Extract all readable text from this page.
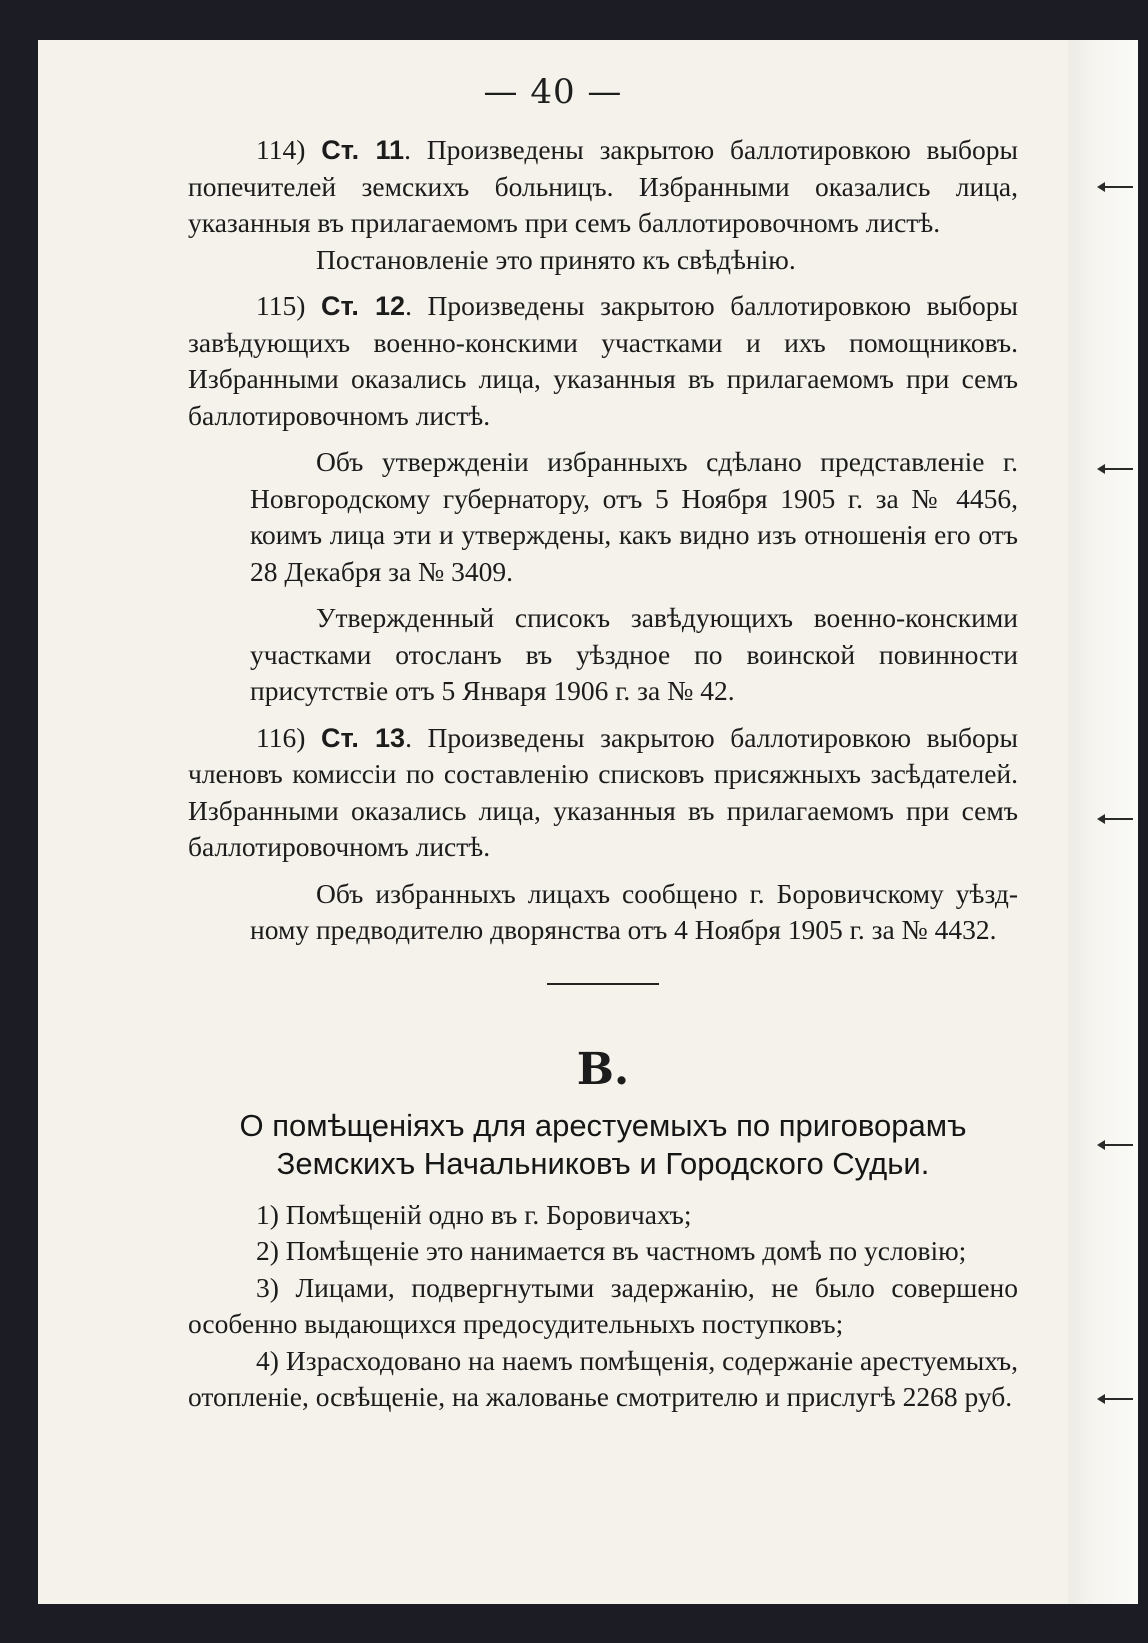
— 40 —

114) Ст. 11. Произведены закрытою баллотировкою выборы попечителей земскихъ больницъ. Избранными оказались лица, указанныя въ прилагаемомъ при семъ баллотировочномъ листѣ.

Постановленіе это принято къ свѣдѣнію.

115) Ст. 12. Произведены закрытою баллотировкою выборы завѣдующихъ военно-конскими участками и ихъ помощниковъ. Избранными оказались лица, указанныя въ прилагаемомъ при семъ баллотировочномъ листѣ.

Объ утвержденіи избранныхъ сдѣлано представленіе г.

Новгородскому губернатору, отъ 5 Ноября 1905 г. за № 4456, коимъ лица эти и утверждены, какъ видно изъ отношенія его отъ 28 Декабря за № 3409.

Утвержденный списокъ завѣдующихъ военно-конскими

участками отосланъ въ уѣздное по воинской повинности присутствіе отъ 5 Января 1906 г. за № 42.

116) Ст. 13. Произведены закрытою баллотировкою выборы членовъ комиссіи по составленію списковъ присяжныхъ засѣдателей. Избранными оказались лица, указанныя въ прилагаемомъ при семъ баллотировочномъ листѣ.

Объ избранныхъ лицахъ сообщено г. Боровичскому уѣзд-

ному предводителю дворянства отъ 4 Ноября 1905 г. за № 4432.

В.
О помѣщеніяхъ для арестуемыхъ по приговорамъ
Земскихъ Начальниковъ и Городского Судьи.

1) Помѣщеній одно въ г. Боровичахъ;

2) Помѣщеніе это нанимается въ частномъ домѣ по условію;

3) Лицами, подвергнутыми задержанію, не было совершено особенно выдающихся предосудительныхъ поступковъ;

4) Израсходовано на наемъ помѣщенія, содержаніе арестуемыхъ, отопленіе, освѣщеніе, на жалованье смотрителю и прислугѣ 2268 руб.
